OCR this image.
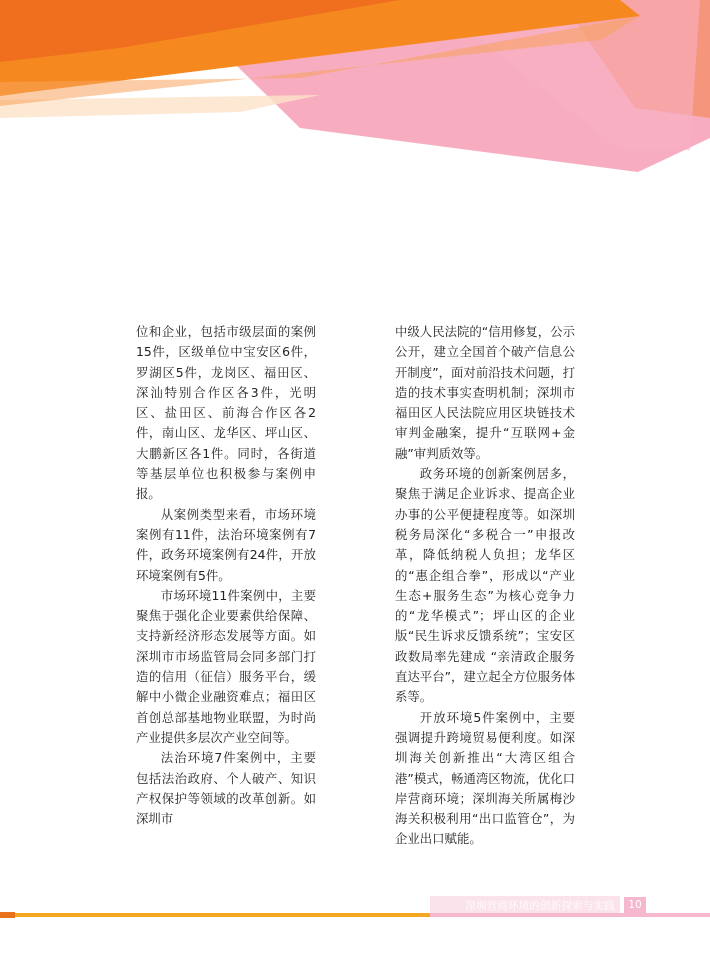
位和企业，包括市级层面的案例15件，区级单位中宝安区6件，罗湖区5件，龙岗区、福田区、深汕特别合作区各3件，光明区、盐田区、前海合作区各2件，南山区、龙华区、坪山区、大鹏新区各1件。同时，各街道等基层单位也积极参与案例申报。

从案例类型来看，市场环境案例有11件，法治环境案例有7件，政务环境案例有24件，开放环境案例有5件。

市场环境11件案例中，主要聚焦于强化企业要素供给保障、支持新经济形态发展等方面。如深圳市市场监管局会同多部门打造的信用（征信）服务平台，缓解中小微企业融资难点；福田区首创总部基地物业联盟，为时尚产业提供多层次产业空间等。

法治环境7件案例中，主要包括法治政府、个人破产、知识产权保护等领域的改革创新。如深圳市

中级人民法院的“信用修复，公示公开，建立全国首个破产信息公开制度”，面对前沿技术问题，打造的技术事实查明机制；深圳市福田区人民法院应用区块链技术审判金融案，提升“互联网+金融”审判质效等。

政务环境的创新案例居多，聚焦于满足企业诉求、提高企业办事的公平便捷程度等。如深圳税务局深化“多税合一”申报改革，降低纳税人负担；龙华区的“惠企组合拳”，形成以“产业生态+服务生态”为核心竞争力的“龙华模式”；坪山区的企业版“民生诉求反馈系统”；宝安区政数局率先建成 “亲清政企服务直达平台”，建立起全方位服务体系等。

开放环境5件案例中，主要强调提升跨境贸易便利度。如深圳海关创新推出“大湾区组合港”模式，畅通湾区物流，优化口岸营商环境；深圳海关所属梅沙海关积极利用“出口监管仓”，为企业出口赋能。

深圳营商环境的创新探索与实践	10
